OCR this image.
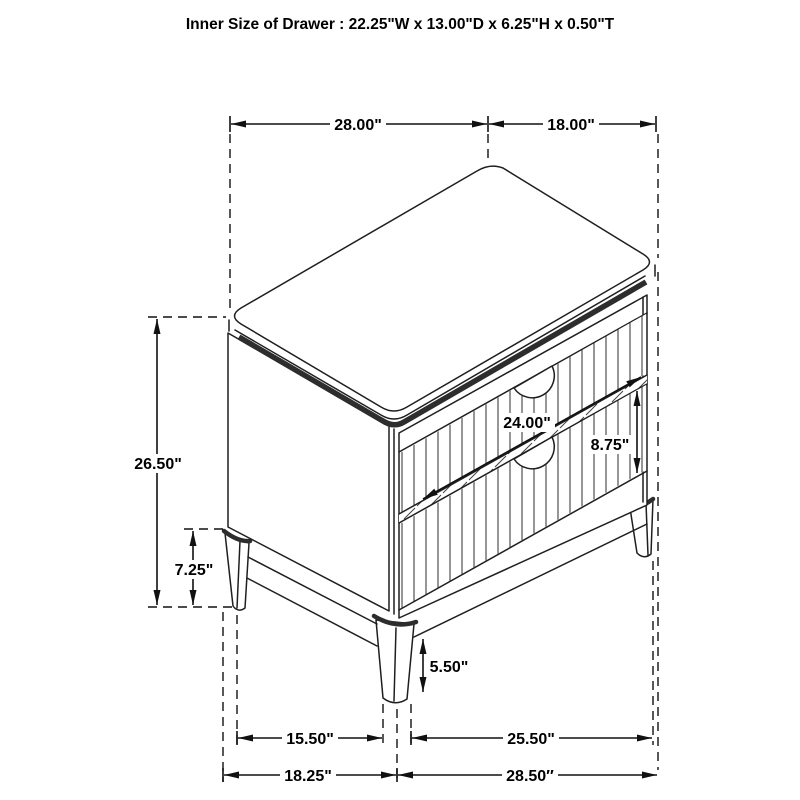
Inner Size of Drawer : 22.25"W x 13.00"D x 6.25"H x 0.50"T
28.00"	18.00"
26.50"
7.25"
24.00"
8.75"
5.50"
15.50"	25.50"
18.25"	28.50″
